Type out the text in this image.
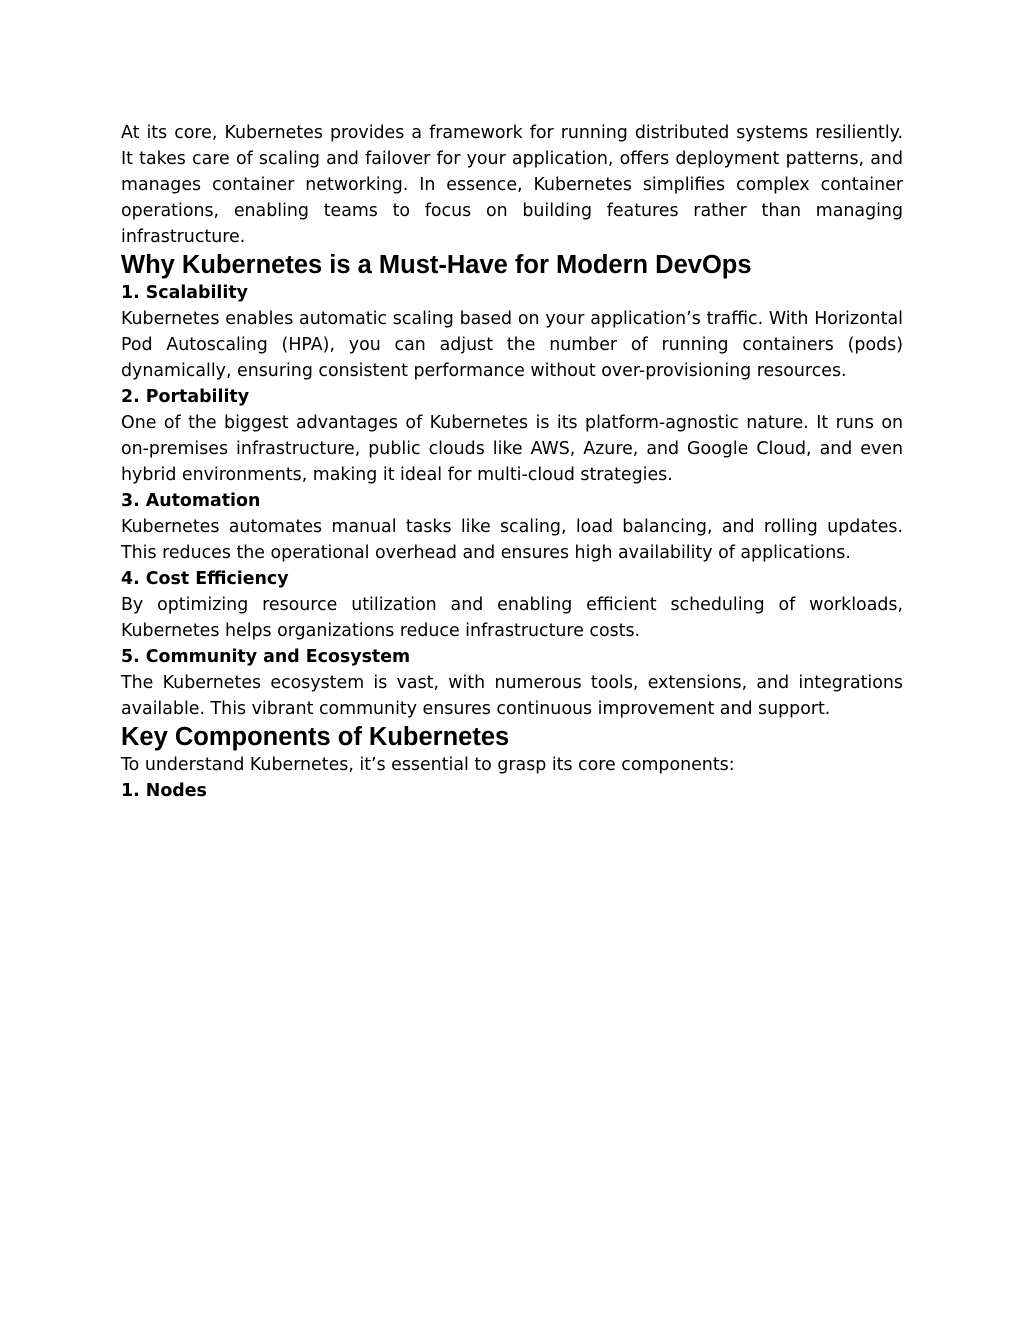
At its core, Kubernetes provides a framework for running distributed systems resiliently. It takes care of scaling and failover for your application, offers deployment patterns, and manages container networking. In essence, Kubernetes simplifies complex container operations, enabling teams to focus on building features rather than managing infrastructure.

Why Kubernetes is a Must-Have for Modern DevOps
1. Scalability

Kubernetes enables automatic scaling based on your application’s traffic. With Horizontal Pod Autoscaling (HPA), you can adjust the number of running containers (pods) dynamically, ensuring consistent performance without over-provisioning resources.

2. Portability

One of the biggest advantages of Kubernetes is its platform-agnostic nature. It runs on on-premises infrastructure, public clouds like AWS, Azure, and Google Cloud, and even hybrid environments, making it ideal for multi-cloud strategies.

3. Automation

Kubernetes automates manual tasks like scaling, load balancing, and rolling updates. This reduces the operational overhead and ensures high availability of applications.

4. Cost Efficiency

By optimizing resource utilization and enabling efficient scheduling of workloads, Kubernetes helps organizations reduce infrastructure costs.

5. Community and Ecosystem

The Kubernetes ecosystem is vast, with numerous tools, extensions, and integrations available. This vibrant community ensures continuous improvement and support.

Key Components of Kubernetes

To understand Kubernetes, it’s essential to grasp its core components:

1. Nodes
